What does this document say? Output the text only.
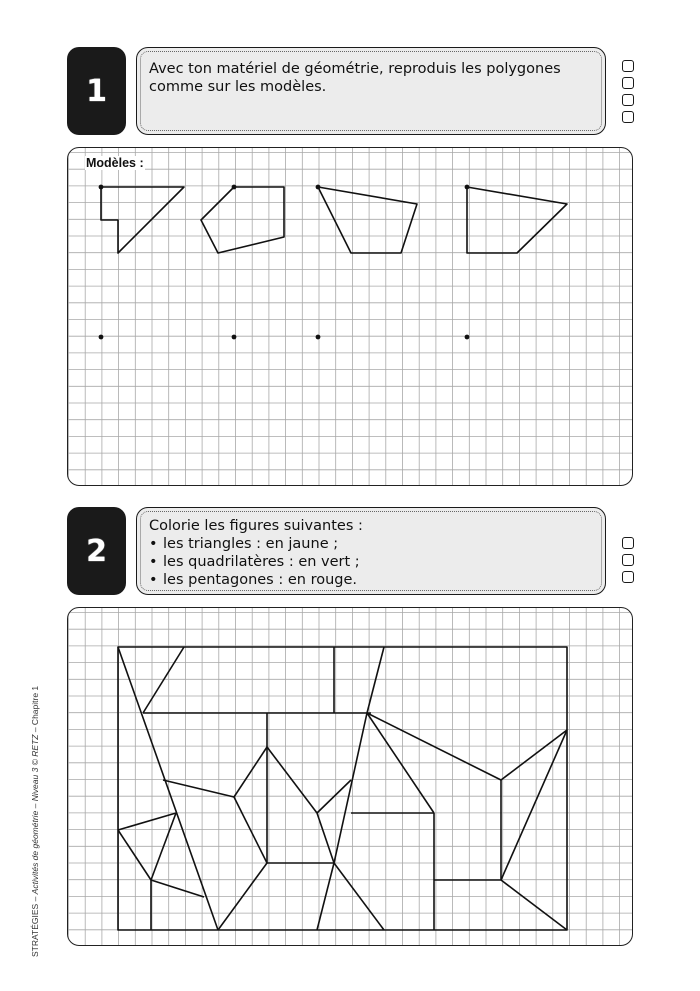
1

Avec ton matériel de géométrie, reproduis les polygones

comme sur les modèles.

Modèles :
2

Colorie les figures suivantes :

• les triangles : en jaune ;

• les quadrilatères : en vert ;

• les pentagones : en rouge.

STRATÉGIES – Activités de géométrie – Niveau 3 © RETZ – Chapitre 1
